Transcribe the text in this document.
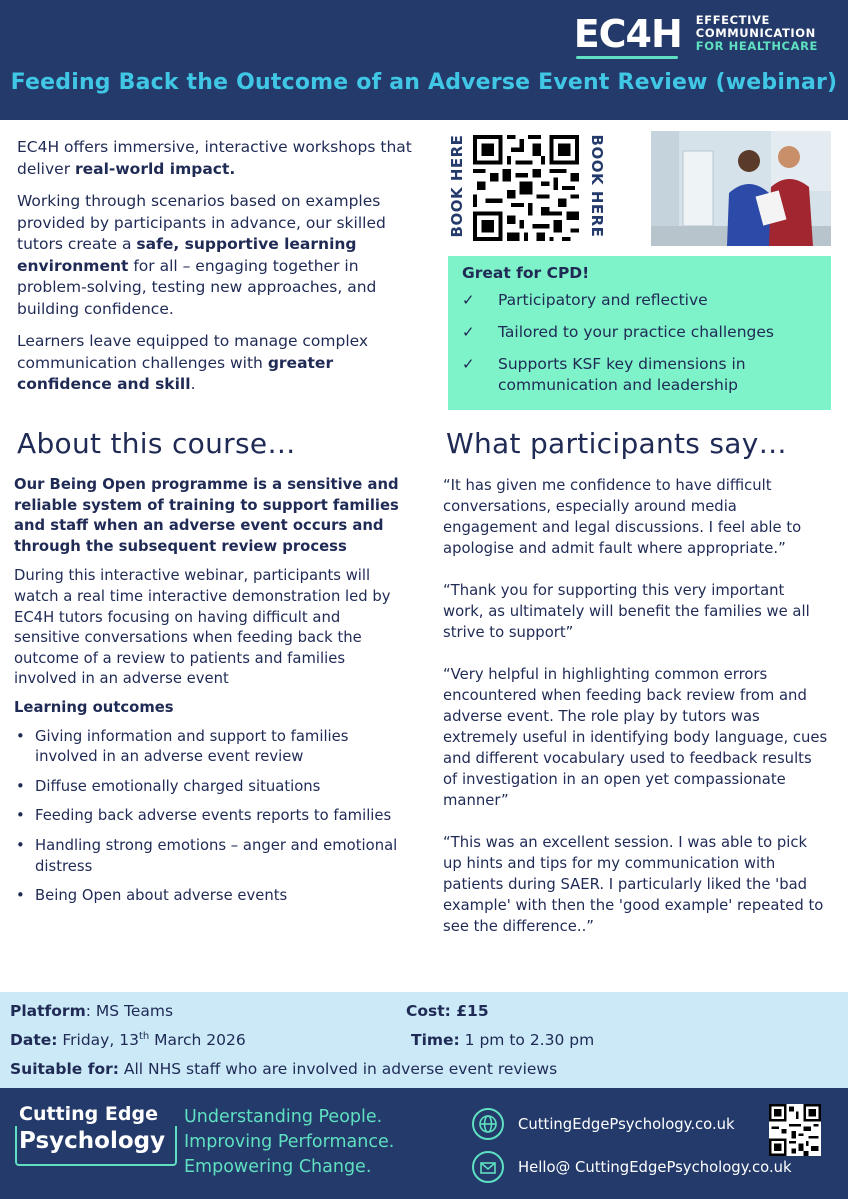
EC4H EFFECTIVE
COMMUNICATION
FOR HEALTHCARE
Feeding Back the Outcome of an Adverse Event Review (webinar)

EC4H offers immersive, interactive workshops that deliver real-world impact.

Working through scenarios based on examples provided by participants in advance, our skilled tutors create a safe, supportive learning environment for all – engaging together in problem-solving, testing new approaches, and building confidence.

Learners leave equipped to manage complex communication challenges with greater confidence and skill.

BOOK HERE	BOOK HERE
Great for CPD!
✓	Participatory and reflective
✓	Tailored to your practice challenges
✓	Supports KSF key dimensions in communication and leadership
About this course…	What participants say…

Our Being Open programme is a sensitive and reliable system of training to support families and staff when an adverse event occurs and through the subsequent review process

During this interactive webinar, participants will watch a real time interactive demonstration led by EC4H tutors focusing on having difficult and sensitive conversations when feeding back the outcome of a review to patients and families involved in an adverse event

Learning outcomes

• Giving information and support to families involved in an adverse event review
• Diffuse emotionally charged situations
• Feeding back adverse events reports to families
• Handling strong emotions – anger and emotional distress
• Being Open about adverse events

“It has given me confidence to have difficult conversations, especially around media engagement and legal discussions. I feel able to apologise and admit fault where appropriate.”

“Thank you for supporting this very important work, as ultimately will benefit the families we all strive to support”

“Very helpful in highlighting common errors encountered when feeding back review from and adverse event. The role play by tutors was extremely useful in identifying body language, cues and different vocabulary used to feedback results of investigation in an open yet compassionate manner”

“This was an excellent session. I was able to pick up hints and tips for my communication with patients during SAER. I particularly liked the 'bad example' with then the 'good example' repeated to see the difference..”

Platform: MS Teams	Cost: £15
Date: Friday, 13th March 2026	Time: 1 pm to 2.30 pm
Suitable for: All NHS staff who are involved in adverse event reviews
Cutting Edge
Psychology
Understanding People.
Improving Performance.
Empowering Change.
CuttingEdgePsychology.co.uk
Hello@ CuttingEdgePsychology.co.uk
